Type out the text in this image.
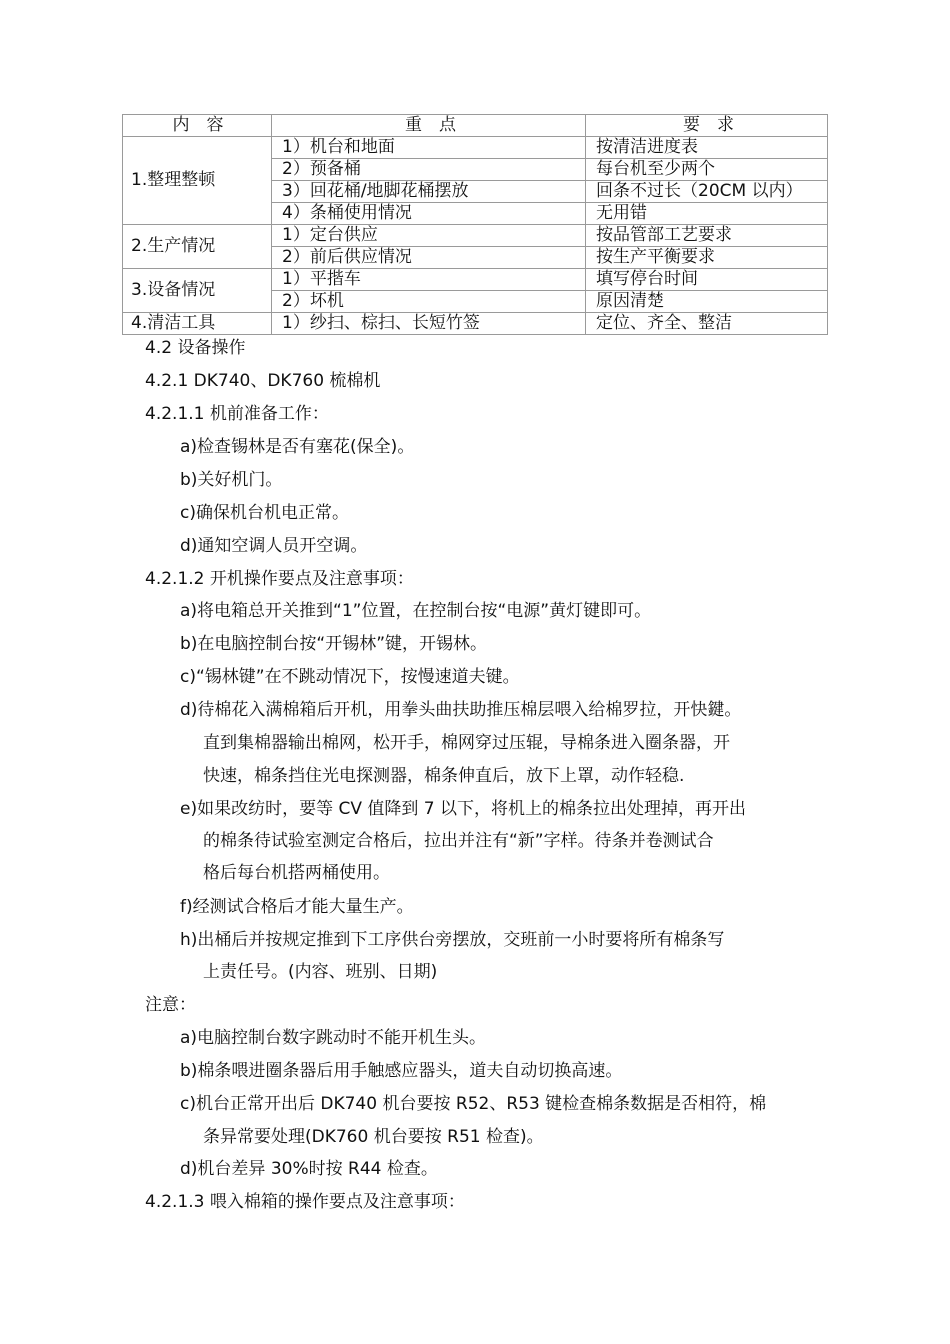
内　容	重　点	要　求
1.整理整顿	1）机台和地面	按清洁进度表
	2）预备桶	每台机至少两个
	3）回花桶/地脚花桶摆放	回条不过长（20CM 以内）
	4）条桶使用情况	无用错
2.生产情况	1）定台供应	按品管部工艺要求
	2）前后供应情况	按生产平衡要求
3.设备情况	1）平揩车	填写停台时间
	2）坏机	原因清楚
4.清洁工具	1）纱扫、棕扫、长短竹签	定位、齐全、整洁
4.2 设备操作
4.2.1 DK740、DK760 梳棉机
4.2.1.1 机前准备工作：
a)检查锡林是否有塞花(保全)。
b)关好机门。
c)确保机台机电正常。
d)通知空调人员开空调。
4.2.1.2 开机操作要点及注意事项：
a)将电箱总开关推到“1”位置，在控制台按“电源”黄灯键即可。
b)在电脑控制台按“开锡林”键，开锡林。
c)“锡林键”在不跳动情况下，按慢速道夫键。
d)待棉花入满棉箱后开机，用拳头曲扶助推压棉层喂入给棉罗拉，开快鍵。
直到集棉器输出棉网，松开手，棉网穿过压辊，导棉条进入圈条器，开
快速，棉条挡住光电探测器，棉条伸直后，放下上罩，动作轻稳.
e)如果改纺时，要等 CV 值降到 7 以下，将机上的棉条拉出处理掉，再开出
的棉条待试验室测定合格后，拉出并注有“新”字样。待条并卷测试合
格后每台机搭两桶使用。
f)经测试合格后才能大量生产。
h)出桶后并按规定推到下工序供台旁摆放，交班前一小时要将所有棉条写
上责任号。(内容、班别、日期)
注意：
a)电脑控制台数字跳动时不能开机生头。
b)棉条喂进圈条器后用手触感应器头，道夫自动切换高速。
c)机台正常开出后 DK740 机台要按 R52、R53 键检查棉条数据是否相符，棉
条异常要处理(DK760 机台要按 R51 检查)。
d)机台差异 30%时按 R44 检查。
4.2.1.3 喂入棉箱的操作要点及注意事项：
